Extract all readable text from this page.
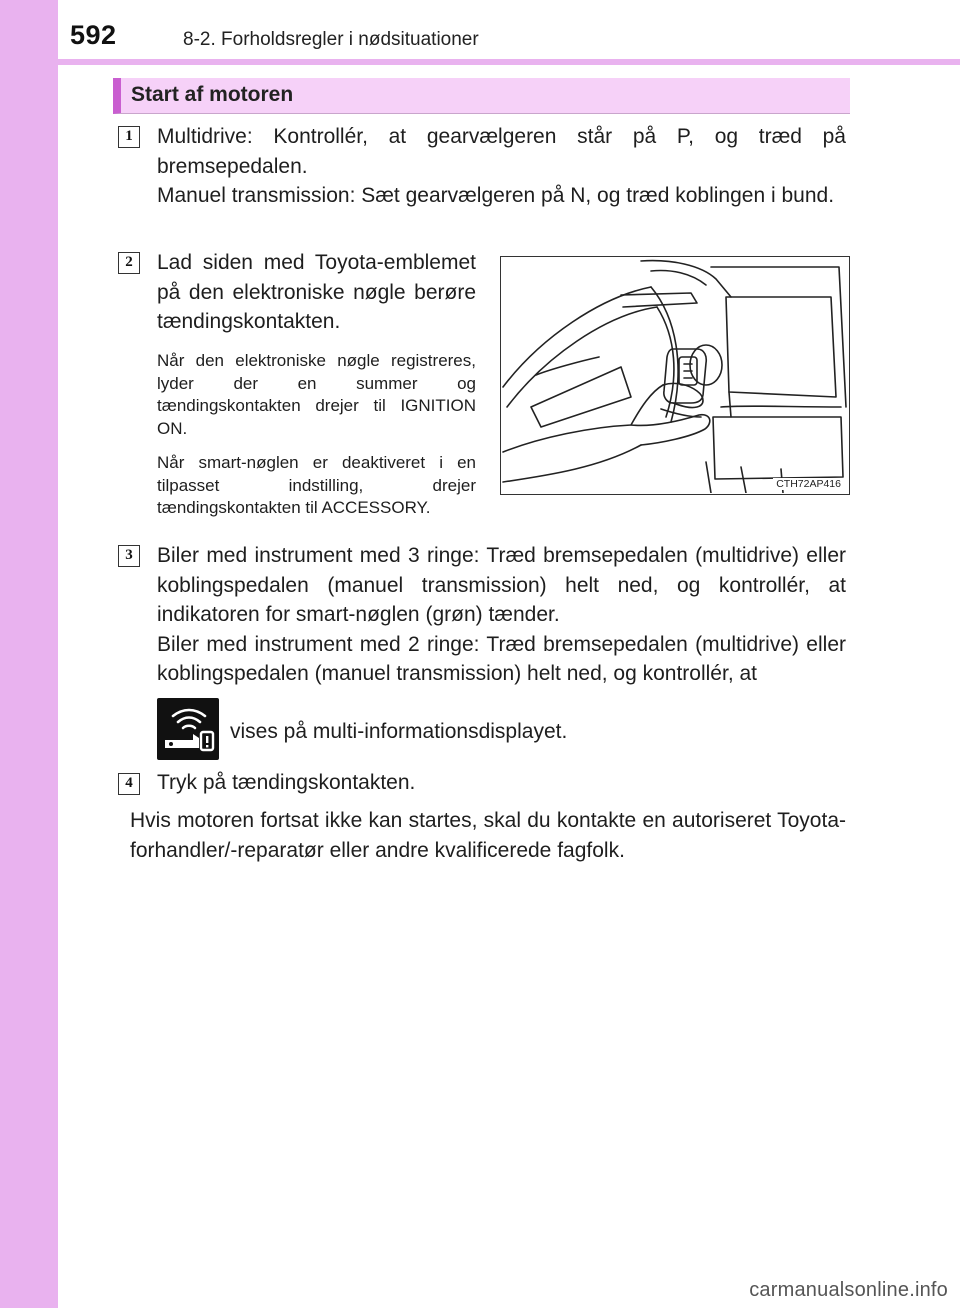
592	8-2. Forholdsregler i nødsituationer
Start af motoren
1	Multidrive: Kontrollér, at gearvælgeren står på P, og træd på bremsepedalen.

Manuel transmission: Sæt gearvælgeren på N, og træd koblingen i bund.

2	Lad siden med Toyota-emblemet på den elektroniske nøgle berøre tændingskontakten.

Når den elektroniske nøgle registreres, lyder der en summer og tændingskontakten drejer til IGNITION ON.

Når smart-nøglen er deaktiveret i en tilpasset indstilling, drejer tændingskontakten til ACCESSORY.

CTH72AP416
3	Biler med instrument med 3 ringe: Træd bremsepedalen (multidrive) eller koblingspedalen (manuel transmission) helt ned, og kontrollér, at indikatoren for smart-nøglen (grøn) tænder.

Biler med instrument med 2 ringe: Træd bremsepedalen (multidrive) eller koblingspedalen (manuel transmission) helt ned, og kontrollér, at

vises på multi-informationsdisplayet.
4	Tryk på tændingskontakten.

Hvis motoren fortsat ikke kan startes, skal du kontakte en autoriseret Toyota-forhandler/-reparatør eller andre kvalificerede fagfolk.
carmanualsonline.info
